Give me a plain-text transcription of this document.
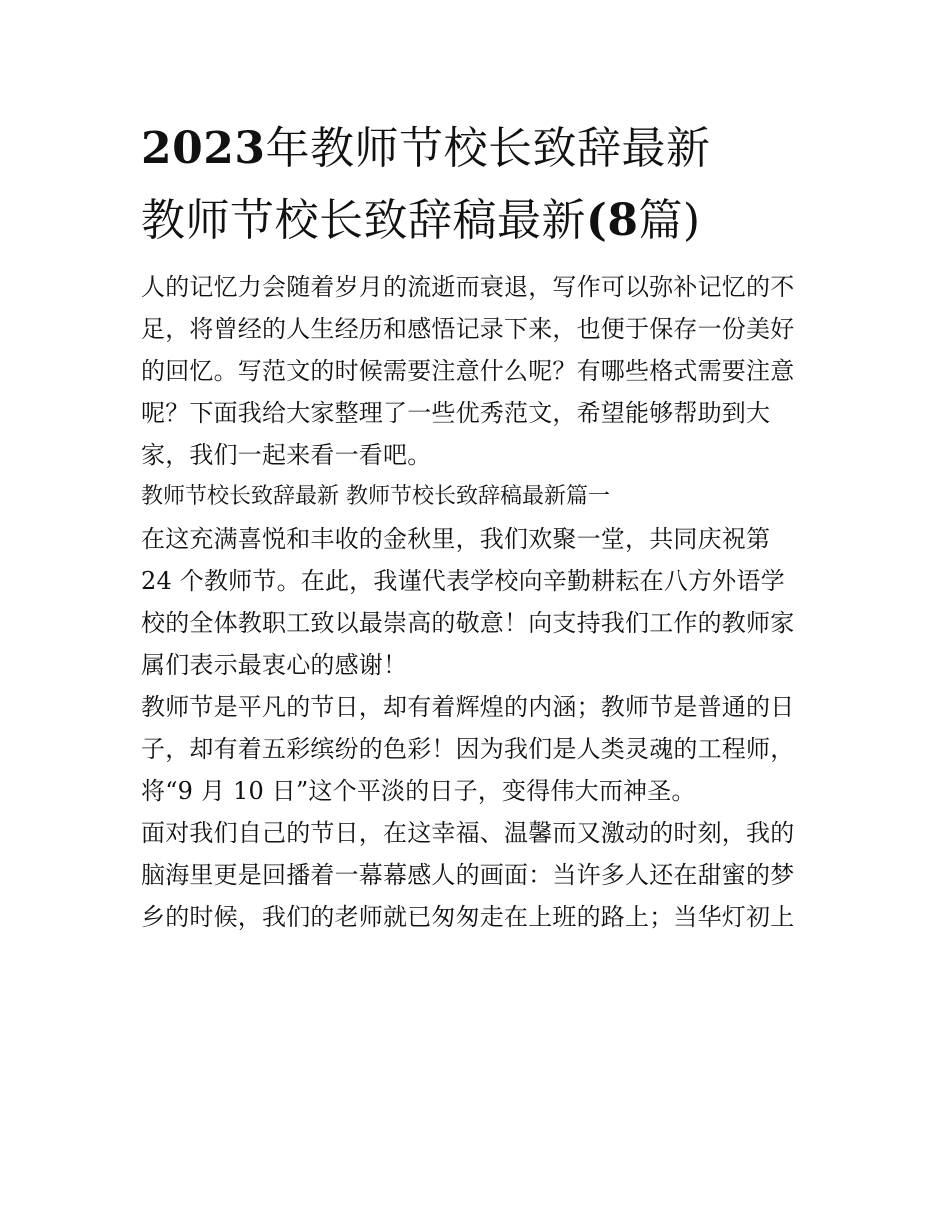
2023年教师节校长致辞最新
教师节校长致辞稿最新(8篇)

人的记忆力会随着岁月的流逝而衰退，写作可以弥补记忆的不
足，将曾经的人生经历和感悟记录下来，也便于保存一份美好
的回忆。写范文的时候需要注意什么呢？有哪些格式需要注意
呢？下面我给大家整理了一些优秀范文，希望能够帮助到大
家，我们一起来看一看吧。

教师节校长致辞最新 教师节校长致辞稿最新篇一

在这充满喜悦和丰收的金秋里，我们欢聚一堂，共同庆祝第
24 个教师节。在此，我谨代表学校向辛勤耕耘在八方外语学
校的全体教职工致以最崇高的敬意！向支持我们工作的教师家
属们表示最衷心的感谢！

教师节是平凡的节日，却有着辉煌的内涵；教师节是普通的日
子，却有着五彩缤纷的色彩！因为我们是人类灵魂的工程师，
将“9 月 10 日”这个平淡的日子，变得伟大而神圣。

面对我们自己的节日，在这幸福、温馨而又激动的时刻，我的
脑海里更是回播着一幕幕感人的画面：当许多人还在甜蜜的梦
乡的时候，我们的老师就已匆匆走在上班的路上；当华灯初上
